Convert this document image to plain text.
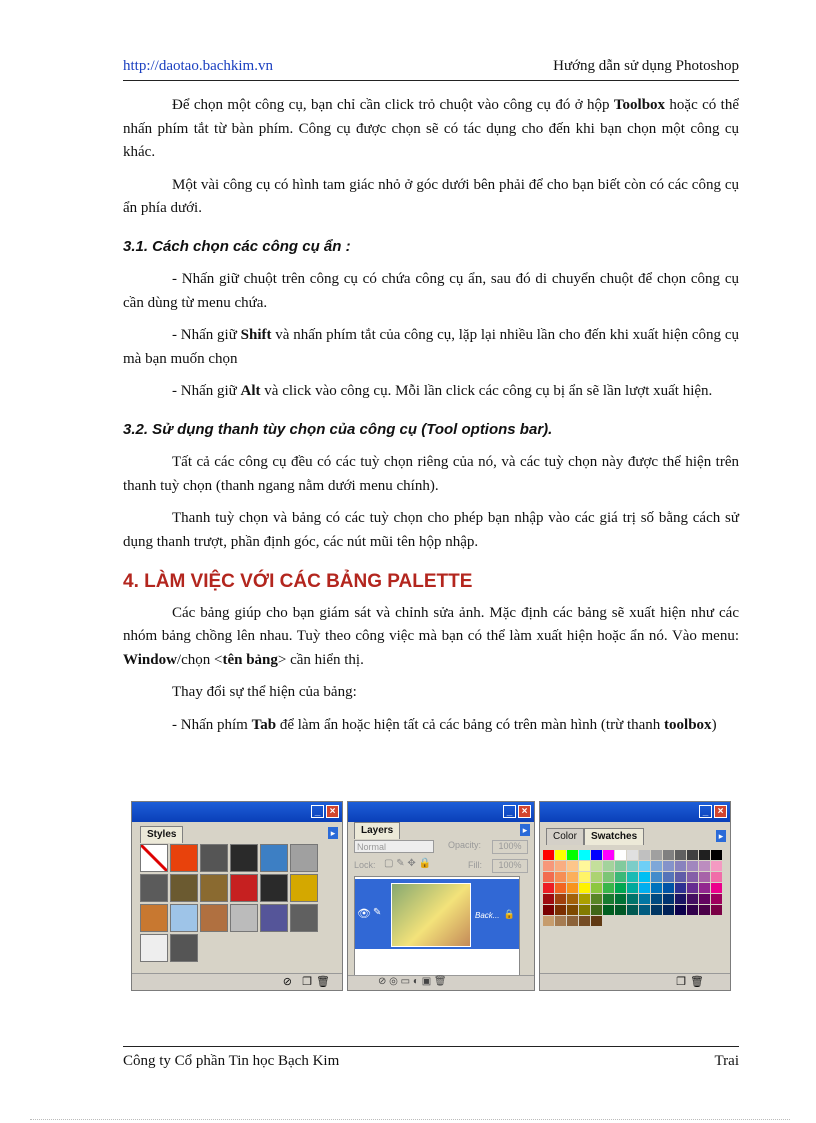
http://daotao.bachkim.vn	Hướng dẫn sử dụng Photoshop

Để chọn một công cụ, bạn chỉ cần click trỏ chuột vào công cụ đó ở hộp Toolbox hoặc có thể nhấn phím tắt từ bàn phím. Công cụ được chọn sẽ có tác dụng cho đến khi bạn chọn một công cụ khác.

Một vài công cụ có hình tam giác nhỏ ở góc dưới bên phải để cho bạn biết còn có các công cụ ẩn phía dưới.

3.1. Cách chọn các công cụ ẩn :

- Nhấn giữ chuột trên công cụ có chứa công cụ ẩn, sau đó di chuyển chuột để chọn công cụ cần dùng từ menu chứa.

- Nhấn giữ Shift và nhấn phím tắt của công cụ, lặp lại nhiều lần cho đến khi xuất hiện công cụ mà bạn muốn chọn

- Nhấn giữ Alt và click vào công cụ. Mỗi lần click các công cụ bị ẩn sẽ lần lượt xuất hiện.

3.2. Sử dụng thanh tùy chọn của công cụ (Tool options bar).

Tất cả các công cụ đều có các tuỳ chọn riêng của nó, và các tuỳ chọn này được thể hiện trên thanh tuỳ chọn (thanh ngang nằm dưới menu chính).

Thanh tuỳ chọn và bảng có các tuỳ chọn cho phép bạn nhập vào các giá trị số bằng cách sử dụng thanh trượt, phần định góc, các nút mũi tên hộp nhập.

4. LÀM VIỆC VỚI CÁC BẢNG PALETTE

Các bảng giúp cho bạn giám sát và chỉnh sửa ảnh. Mặc định các bảng sẽ xuất hiện như các nhóm bảng chồng lên nhau. Tuỳ theo công việc mà bạn có thể làm xuất hiện hoặc ẩn nó. Vào menu: Window/chọn <tên bảng> cần hiển thị.

Thay đổi sự thể hiện của bảng:

- Nhấn phím Tab để làm ẩn hoặc hiện tất cả các bảng có trên màn hình (trừ thanh toolbox)

_ ×
Styles	▸
⊘ ❐ 🗑
_ ×
Layers	▸
Normal	Opacity:	100%
Lock: ▢ ✎ ✥ 🔒	Fill:	100%
👁 ✎	Back... 🔒
⊘ ◎ ▭ ◐ ▣ 🗑
_ ×
Color	Swatches	▸
❐ 🗑
Công ty Cổ phần Tin học Bạch Kim	Trai
